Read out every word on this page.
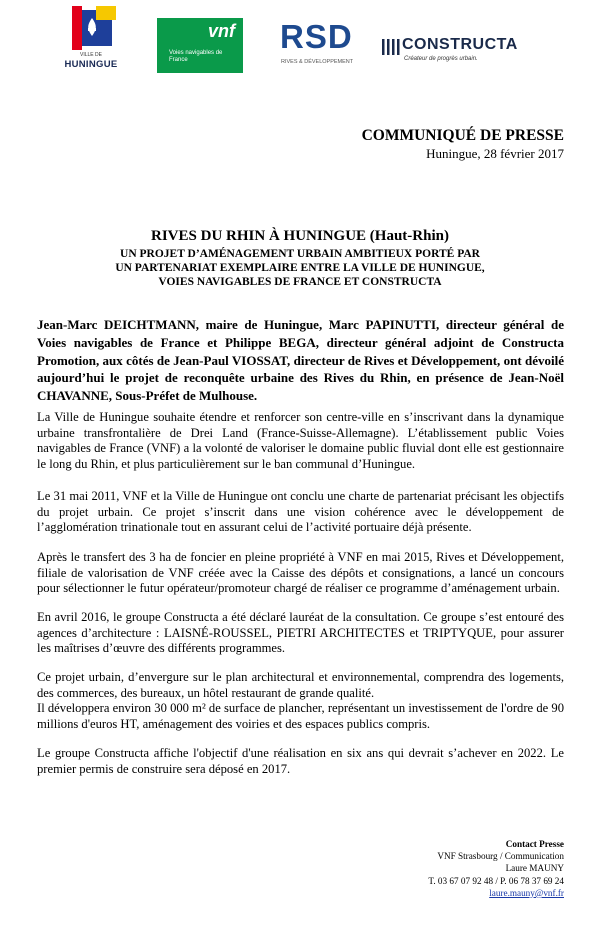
VILLE DE
HUNINGUE
vnf
Voies navigables de France
RSD
RIVES & DÉVELOPPEMENT
CONSTRUCTA
Créateur de progrès urbain.
COMMUNIQUÉ DE PRESSE
Huningue, 28 février 2017
RIVES DU RHIN À HUNINGUE (Haut-Rhin)
UN PROJET D’AMÉNAGEMENT URBAIN AMBITIEUX PORTÉ PAR
UN PARTENARIAT EXEMPLAIRE ENTRE LA VILLE DE HUNINGUE,
VOIES NAVIGABLES DE FRANCE ET CONSTRUCTA
Jean-Marc DEICHTMANN, maire de Huningue, Marc PAPINUTTI, directeur général de Voies navigables de France et Philippe BEGA, directeur général adjoint de Constructa Promotion, aux côtés de Jean-Paul VIOSSAT, directeur de Rives et Développement, ont dévoilé aujourd’hui le projet de reconquête urbaine des Rives du Rhin, en présence de Jean-Noël CHAVANNE, Sous-Préfet de Mulhouse.
La Ville de Huningue souhaite étendre et renforcer son centre-ville en s’inscrivant dans la dynamique urbaine transfrontalière de Drei Land (France-Suisse-Allemagne). L’établissement public Voies navigables de France (VNF) a la volonté de valoriser le domaine public fluvial dont elle est gestionnaire le long du Rhin, et plus particulièrement sur le ban communal d’Huningue.
Le 31 mai 2011, VNF et la Ville de Huningue ont conclu une charte de partenariat précisant les objectifs du projet urbain. Ce projet s’inscrit dans une vision cohérence avec le développement de l’agglomération trinationale tout en assurant celui de l’activité portuaire déjà présente.
Après le transfert des 3 ha de foncier en pleine propriété à VNF en mai 2015, Rives et Développement, filiale de valorisation de VNF créée avec la Caisse des dépôts et consignations, a lancé un concours pour sélectionner le futur opérateur/promoteur chargé de réaliser ce programme d’aménagement urbain.
En avril 2016, le groupe Constructa a été déclaré lauréat de la consultation. Ce groupe s’est entouré des agences d’architecture : LAISNÉ-ROUSSEL, PIETRI ARCHITECTES et TRIPTYQUE, pour assurer les maîtrises d’œuvre des différents programmes.
Ce projet urbain, d’envergure sur le plan architectural et environnemental, comprendra des logements, des commerces, des bureaux, un hôtel restaurant de grande qualité.
Il développera environ 30 000 m² de surface de plancher, représentant un investissement de l'ordre de 90 millions d'euros HT, aménagement des voiries et des espaces publics compris.
Le groupe Constructa affiche l'objectif d'une réalisation en six ans qui devrait s’achever en 2022. Le premier permis de construire sera déposé en 2017.
Contact Presse
VNF Strasbourg / Communication
Laure MAUNY
T. 03 67 07 92 48 / P. 06 78 37 69 24
laure.mauny@vnf.fr
